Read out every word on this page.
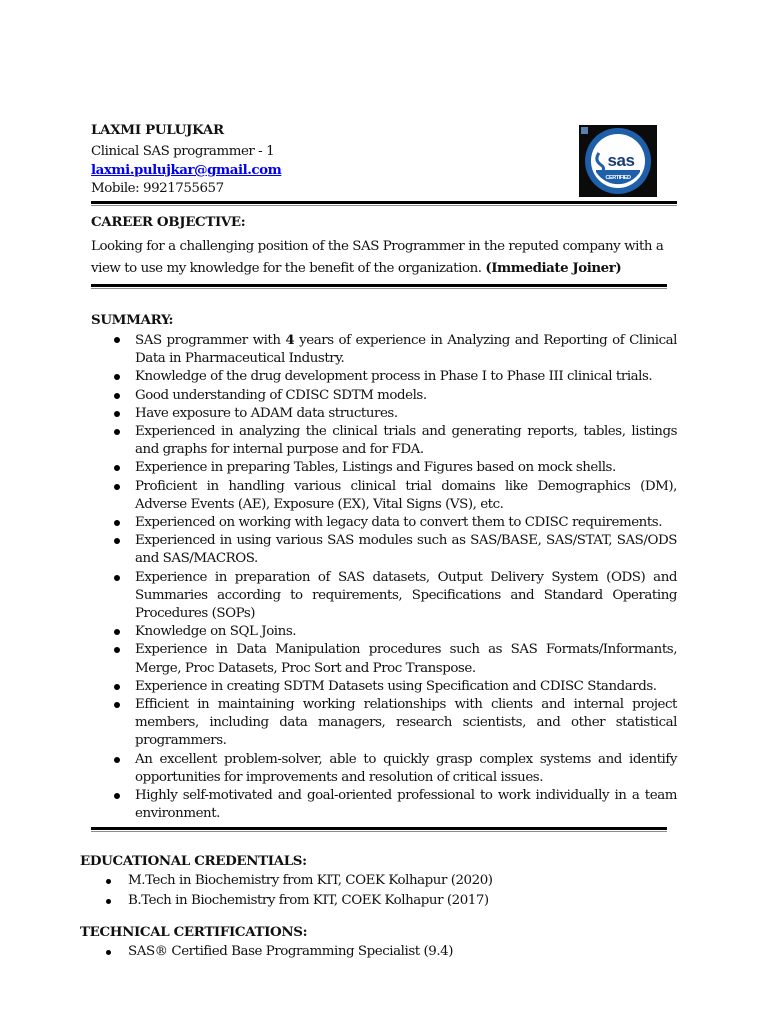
LAXMI PULUJKAR
Clinical SAS programmer - 1
laxmi.pulujkar@gmail.com
Mobile: 9921755657
sas
CERTIFIED
CAREER OBJECTIVE:
Looking for a challenging position of the SAS Programmer in the reputed company with a view to use my knowledge for the benefit of the organization. (Immediate Joiner)
SUMMARY:
SAS programmer with 4 years of experience in Analyzing and Reporting of Clinical Data in Pharmaceutical Industry.
Knowledge of the drug development process in Phase I to Phase III clinical trials.
Good understanding of CDISC SDTM models.
Have exposure to ADAM data structures.
Experienced in analyzing the clinical trials and generating reports, tables, listings and graphs for internal purpose and for FDA.
Experience in preparing Tables, Listings and Figures based on mock shells.
Proficient in handling various clinical trial domains like Demographics (DM), Adverse Events (AE), Exposure (EX), Vital Signs (VS), etc.
Experienced on working with legacy data to convert them to CDISC requirements.
Experienced in using various SAS modules such as SAS/BASE, SAS/STAT, SAS/ODS and SAS/MACROS.
Experience in preparation of SAS datasets, Output Delivery System (ODS) and Summaries according to requirements, Specifications and Standard Operating Procedures (SOPs)
Knowledge on SQL Joins.
Experience in Data Manipulation procedures such as SAS Formats/Informants, Merge, Proc Datasets, Proc Sort and Proc Transpose.
Experience in creating SDTM Datasets using Specification and CDISC Standards.
Efficient in maintaining working relationships with clients and internal project members, including data managers, research scientists, and other statistical programmers.
An excellent problem-solver, able to quickly grasp complex systems and identify opportunities for improvements and resolution of critical issues.
Highly self-motivated and goal-oriented professional to work individually in a team environment.
EDUCATIONAL CREDENTIALS:
M.Tech in Biochemistry from KIT, COEK Kolhapur (2020)
B.Tech in Biochemistry from KIT, COEK Kolhapur (2017)
TECHNICAL CERTIFICATIONS:
SAS® Certified Base Programming Specialist (9.4)
